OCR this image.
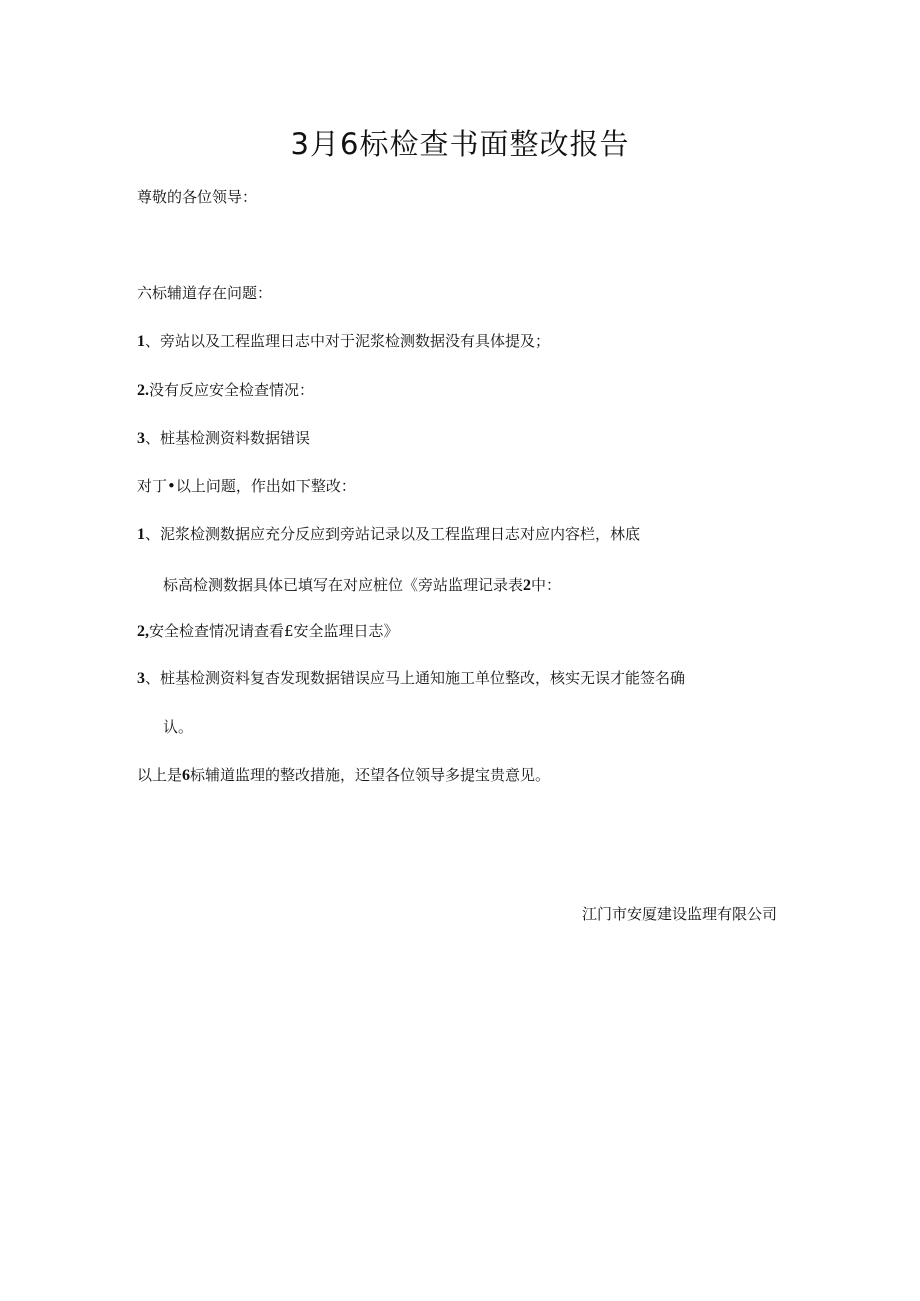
3月6标检查书面整改报告
尊敬的各位领导：
六标辅道存在问题：
1、旁站以及工程监理日志中对于泥浆检测数据没有具体提及；
2.没有反应安全检查情况：
3、桩基检测资料数据错误
对丁•以上问题，作出如下整改：
1、泥浆检测数据应充分反应到旁站记录以及工程监理日志对应内容栏，林底
标高检测数据具体已填写在对应桩位《旁站监理记录表2中：
2,安全检查情况请查看£安全监理日志》
3、桩基检测资料复杳发现数据错误应马上通知施工单位整改，核实无误才能签名确
认。
以上是6标辅道监理的整改措施，还望各位领导多提宝贵意见。
江门市安厦建设监理有限公司
